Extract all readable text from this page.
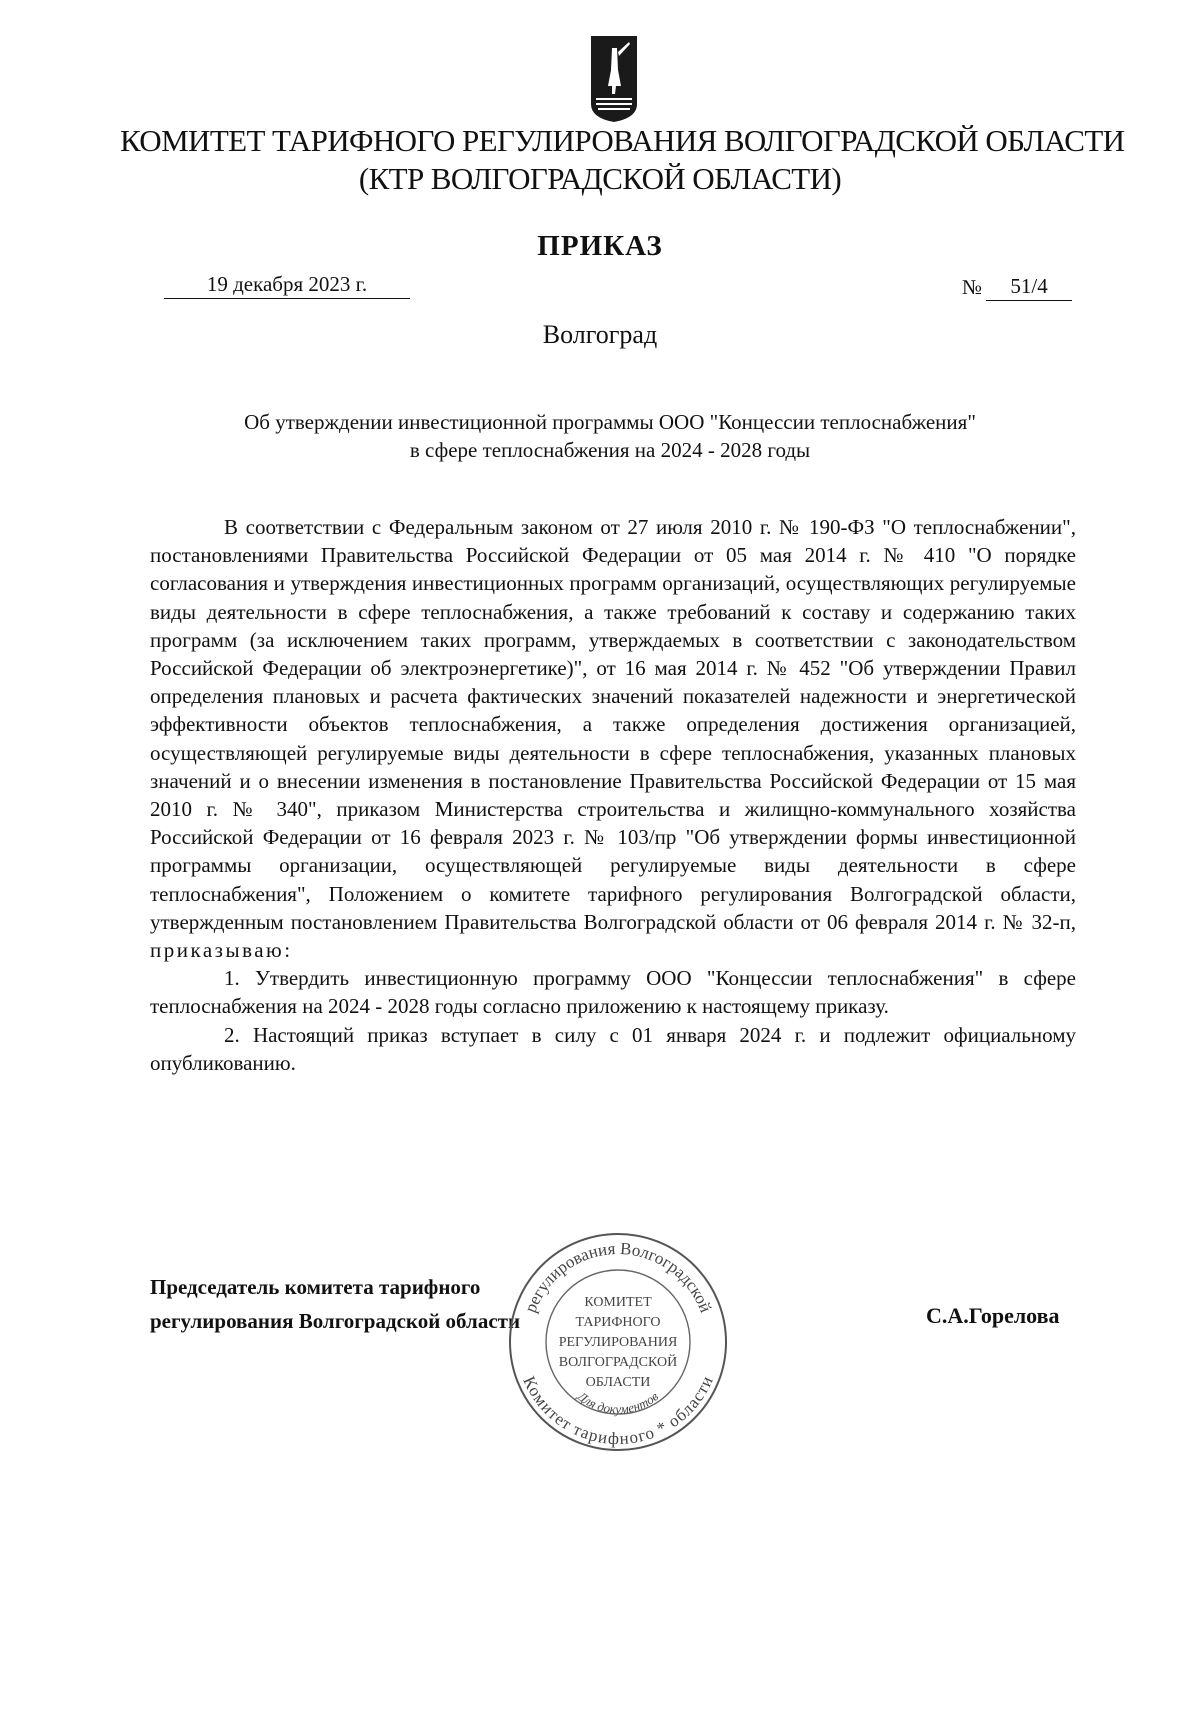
КОМИТЕТ ТАРИФНОГО РЕГУЛИРОВАНИЯ ВОЛГОГРАДСКОЙ ОБЛАСТИ
(КТР ВОЛГОГРАДСКОЙ ОБЛАСТИ)
ПРИКАЗ
19 декабря 2023 г.	№ 51/4
Волгоград
Об утверждении инвестиционной программы ООО "Концессии теплоснабжения"
в сфере теплоснабжения на 2024 - 2028 годы

В соответствии с Федеральным законом от 27 июля 2010 г. № 190-ФЗ "О теплоснабжении", постановлениями Правительства Российской Федерации от 05 мая 2014 г. № 410 "О порядке согласования и утверждения инвестиционных программ организаций, осуществляющих регулируемые виды деятельности в сфере теплоснабжения, а также требований к составу и содержанию таких программ (за исключением таких программ, утверждаемых в соответствии с законодательством Российской Федерации об электроэнергетике)", от 16 мая 2014 г. № 452 "Об утверждении Правил определения плановых и расчета фактических значений показателей надежности и энергетической эффективности объектов теплоснабжения, а также определения достижения организацией, осуществляющей регулируемые виды деятельности в сфере теплоснабжения, указанных плановых значений и о внесении изменения в постановление Правительства Российской Федерации от 15 мая 2010 г. № 340", приказом Министерства строительства и жилищно-коммунального хозяйства Российской Федерации от 16 февраля 2023 г. № 103/пр "Об утверждении формы инвестиционной программы организации, осуществляющей регулируемые виды деятельности в сфере теплоснабжения", Положением о комитете тарифного регулирования Волгоградской области, утвержденным постановлением Правительства Волгоградской области от 06 февраля 2014 г. № 32-п, приказываю:

1. Утвердить инвестиционную программу ООО "Концессии теплоснабжения" в сфере теплоснабжения на 2024 - 2028 годы согласно приложению к настоящему приказу.

2. Настоящий приказ вступает в силу с 01 января 2024 г. и подлежит официальному опубликованию.

Председатель комитета тарифного
регулирования Волгоградской области	С.А.Горелова
регулирования Волгоградской
Комитет тарифного * области
Для документов
КОМИТЕТ
ТАРИФНОГО
РЕГУЛИРОВАНИЯ
ВОЛГОГРАДСКОЙ
ОБЛАСТИ
